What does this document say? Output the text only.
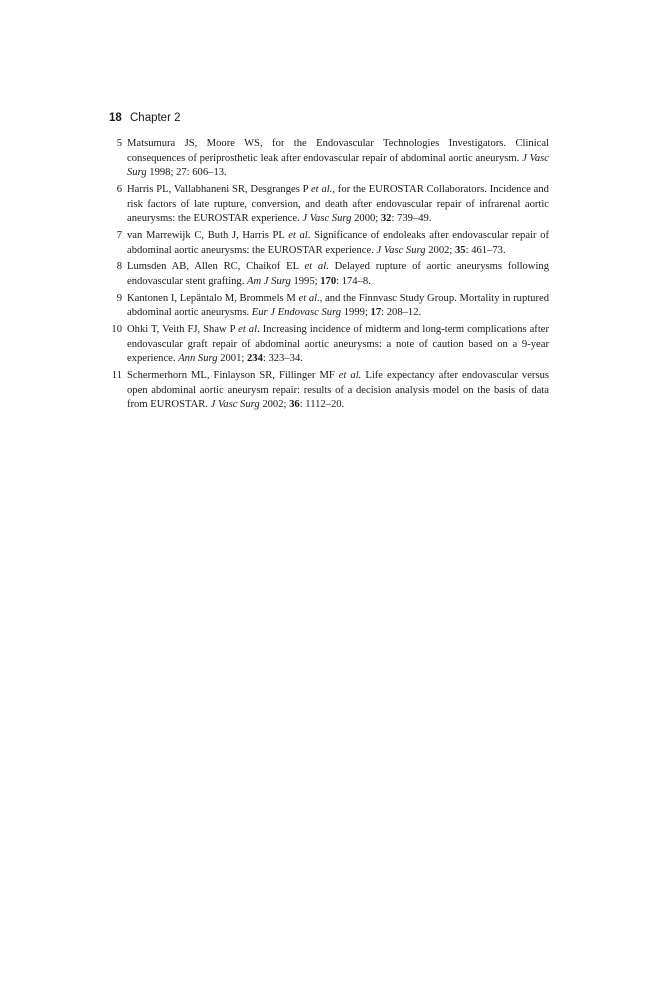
18 Chapter 2
5 Matsumura JS, Moore WS, for the Endovascular Technologies Investigators. Clinical consequences of periprosthetic leak after endovascular repair of abdominal aortic aneurysm. J Vasc Surg 1998; 27: 606–13.
6 Harris PL, Vallabhaneni SR, Desgranges P et al., for the EUROSTAR Collaborators. Incidence and risk factors of late rupture, conversion, and death after endovascular repair of infrarenal aortic aneurysms: the EUROSTAR experience. J Vasc Surg 2000; 32: 739–49.
7 van Marrewijk C, Buth J, Harris PL et al. Significance of endoleaks after endovascular repair of abdominal aortic aneurysms: the EUROSTAR experience. J Vasc Surg 2002; 35: 461–73.
8 Lumsden AB, Allen RC, Chaikof EL et al. Delayed rupture of aortic aneurysms following endovascular stent grafting. Am J Surg 1995; 170: 174–8.
9 Kantonen I, Lepäntalo M, Brommels M et al., and the Finnvasc Study Group. Mortality in ruptured abdominal aortic aneurysms. Eur J Endovasc Surg 1999; 17: 208–12.
10 Ohki T, Veith FJ, Shaw P et al. Increasing incidence of midterm and long-term complications after endovascular graft repair of abdominal aortic aneurysms: a note of caution based on a 9-year experience. Ann Surg 2001; 234: 323–34.
11 Schermerhorn ML, Finlayson SR, Fillinger MF et al. Life expectancy after endovascular versus open abdominal aortic aneurysm repair: results of a decision analysis model on the basis of data from EUROSTAR. J Vasc Surg 2002; 36: 1112–20.
